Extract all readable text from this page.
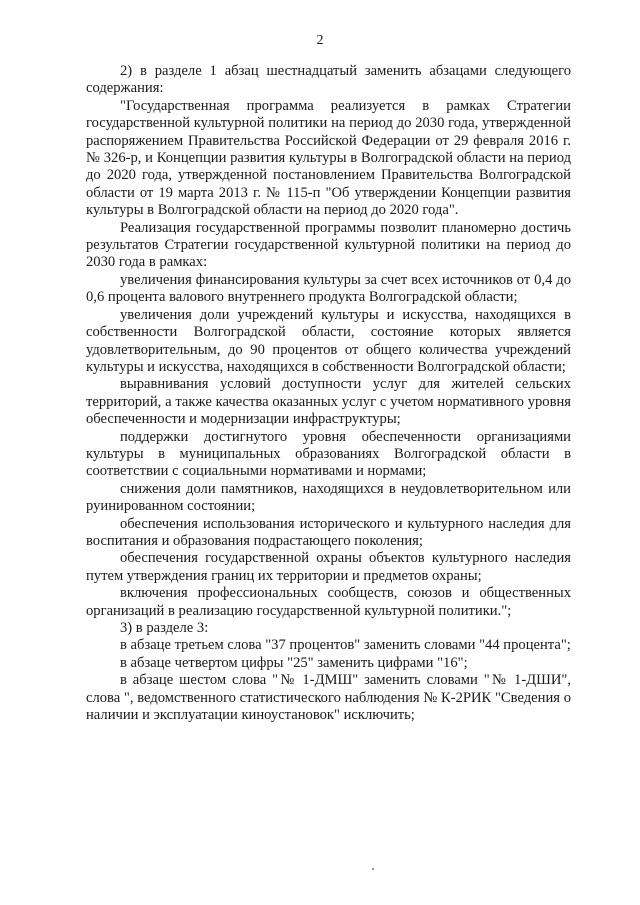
2

2) в разделе 1 абзац шестнадцатый заменить абзацами следующего содержания:

"Государственная программа реализуется в рамках Стратегии государственной культурной политики на период до 2030 года, утвержденной распоряжением Правительства Российской Федерации от 29 февраля 2016 г. № 326-р, и Концепции развития культуры в Волгоградской области на период до 2020 года, утвержденной постановлением Правительства Волгоградской области от 19 марта 2013 г. № 115-п "Об утверждении Концепции развития культуры в Волгоградской области на период до 2020 года".

Реализация государственной программы позволит планомерно достичь результатов Стратегии государственной культурной политики на период до 2030 года в рамках:

увеличения финансирования культуры за счет всех источников от 0,4 до 0,6 процента валового внутреннего продукта Волгоградской области;

увеличения доли учреждений культуры и искусства, находящихся в собственности Волгоградской области, состояние которых является удовлетворительным, до 90 процентов от общего количества учреждений культуры и искусства, находящихся в собственности Волгоградской области;

выравнивания условий доступности услуг для жителей сельских территорий, а также качества оказанных услуг с учетом нормативного уровня обеспеченности и модернизации инфраструктуры;

поддержки достигнутого уровня обеспеченности организациями культуры в муниципальных образованиях Волгоградской области в соответствии с социальными нормативами и нормами;

снижения доли памятников, находящихся в неудовлетворительном или руинированном состоянии;

обеспечения использования исторического и культурного наследия для воспитания и образования подрастающего поколения;

обеспечения государственной охраны объектов культурного наследия путем утверждения границ их территории и предметов охраны;

включения профессиональных сообществ, союзов и общественных организаций в реализацию государственной культурной политики.";

3) в разделе 3:

в абзаце третьем слова "37 процентов" заменить словами "44 процента";

в абзаце четвертом цифры "25" заменить цифрами "16";

в абзаце шестом слова "№ 1-ДМШ" заменить словами "№ 1-ДШИ", слова ", ведомственного статистического наблюдения № К-2РИК "Сведения о наличии и эксплуатации киноустановок" исключить;
